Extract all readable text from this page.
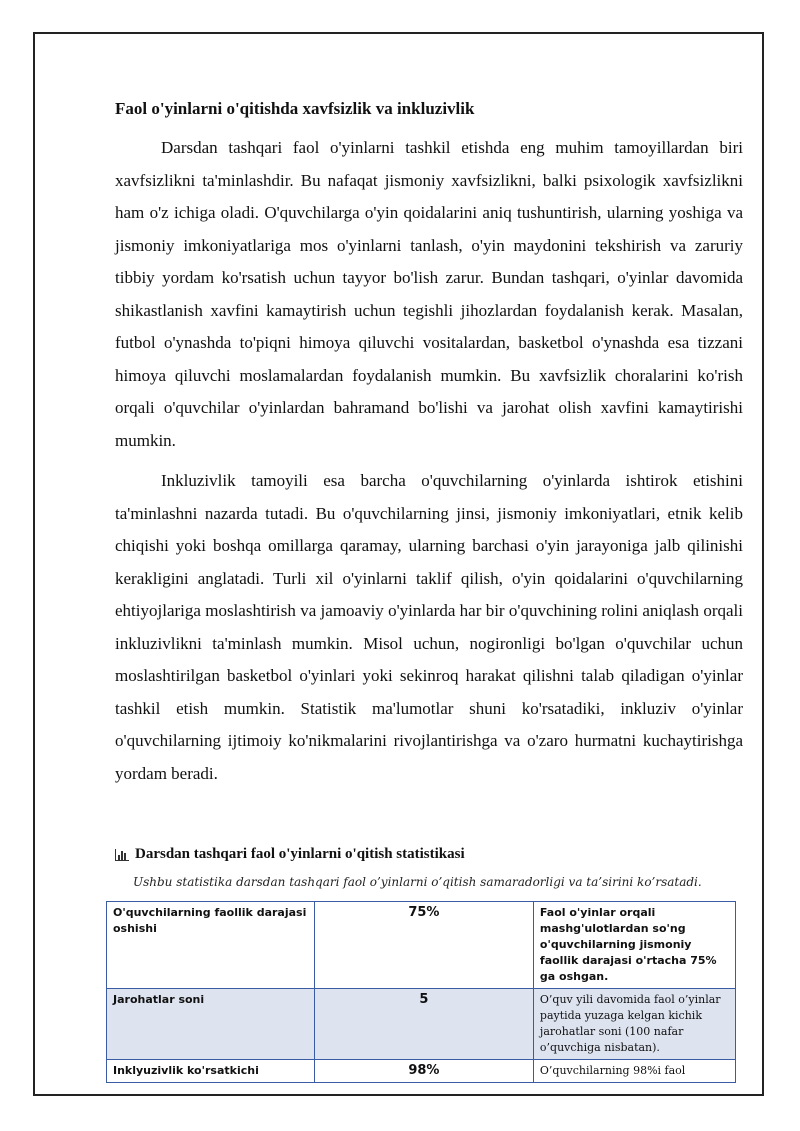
Faol o'yinlarni o'qitishda xavfsizlik va inkluzivlik

Darsdan tashqari faol o'yinlarni tashkil etishda eng muhim tamoyillardan biri xavfsizlikni ta'minlashdir. Bu nafaqat jismoniy xavfsizlikni, balki psixologik xavfsizlikni ham o'z ichiga oladi. O'quvchilarga o'yin qoidalarini aniq tushuntirish, ularning yoshiga va jismoniy imkoniyatlariga mos o'yinlarni tanlash, o'yin maydonini tekshirish va zaruriy tibbiy yordam ko'rsatish uchun tayyor bo'lish zarur. Bundan tashqari, o'yinlar davomida shikastlanish xavfini kamaytirish uchun tegishli jihozlardan foydalanish kerak. Masalan, futbol o'ynashda to'piqni himoya qiluvchi vositalardan, basketbol o'ynashda esa tizzani himoya qiluvchi moslamalardan foydalanish mumkin. Bu xavfsizlik choralarini ko'rish orqali o'quvchilar o'yinlardan bahramand bo'lishi va jarohat olish xavfini kamaytirishi mumkin.

Inkluzivlik tamoyili esa barcha o'quvchilarning o'yinlarda ishtirok etishini ta'minlashni nazarda tutadi. Bu o'quvchilarning jinsi, jismoniy imkoniyatlari, etnik kelib chiqishi yoki boshqa omillarga qaramay, ularning barchasi o'yin jarayoniga jalb qilinishi kerakligini anglatadi. Turli xil o'yinlarni taklif qilish, o'yin qoidalarini o'quvchilarning ehtiyojlariga moslashtirish va jamoaviy o'yinlarda har bir o'quvchining rolini aniqlash orqali inkluzivlikni ta'minlash mumkin. Misol uchun, nogironligi bo'lgan o'quvchilar uchun moslashtirilgan basketbol o'yinlari yoki sekinroq harakat qilishni talab qiladigan o'yinlar tashkil etish mumkin. Statistik ma'lumotlar shuni ko'rsatadiki, inkluziv o'yinlar o'quvchilarning ijtimoiy ko'nikmalarini rivojlantirishga va o'zaro hurmatni kuchaytirishga yordam beradi.

Darsdan tashqari faol o'yinlarni o'qitish statistikasi
Ushbu statistika darsdan tashqari faol o’yinlarni o’qitish samaradorligi va ta’sirini ko’rsatadi.
O'quvchilarning faollik darajasi oshishi	75%	Faol o'yinlar orqali mashg'ulotlardan so'ng o'quvchilarning jismoniy faollik darajasi o'rtacha 75% ga oshgan.
Jarohatlar soni	5	O’quv yili davomida faol o’yinlar paytida yuzaga kelgan kichik jarohatlar soni (100 nafar o’quvchiga nisbatan).
Inklyuzivlik ko'rsatkichi	98%	O’quvchilarning 98%i faol
